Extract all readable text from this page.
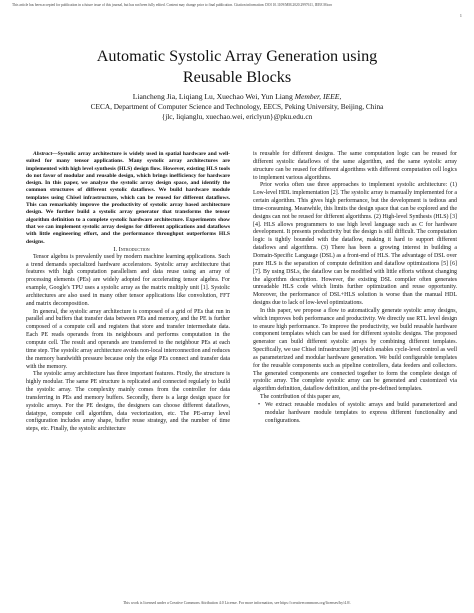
This article has been accepted for publication in a future issue of this journal, but has not been fully edited. Content may change prior to final publication. Citation information: DOI 10.1109/MM.2020.2997611, IEEE Micro
1
Automatic Systolic Array Generation using
Reusable Blocks
Liancheng Jia, Liqiang Lu, Xuechao Wei, Yun Liang Member, IEEE,
CECA, Department of Computer Science and Technology, EECS, Peking University, Beijing, China
{jlc, liqianglu, xuechao.wei, ericlyun}@pku.edu.cn

Abstract—Systolic array architecture is widely used in spatial hardware and well-suited for many tensor applications. Many systolic array architectures are implemented with high level synthesis (HLS) design flow. However, existing HLS tools do not favor of modular and reusable design, which brings inefficiency for hardware design. In this paper, we analyze the systolic array design space, and identify the common structures of different systolic dataflows. We build hardware module templates using Chisel infrastructure, which can be reused for different dataflows. This can remarkably improve the productivity of systolic array based architecture design. We further build a systolic array generator that transforms the tensor algorithm definition to a complete systolic hardware architecture. Experiments show that we can implement systolic array designs for different applications and dataflows with little engineering effort, and the performance throughput outperforms HLS designs.

I. Introduction

Tensor algebra is prevalently used by modern machine learning applications. Such a trend demands specialized hardware accelerators. Systolic array architecture that features with high computation parallelism and data reuse using an array of processing elements (PEs) are widely adopted for accelerating tensor algebra. For example, Google's TPU uses a systolic array as the matrix multiply unit [1]. Systolic architectures are also used in many other tensor applications like convolution, FFT and matrix decomposition.

In general, the systolic array architecture is composed of a grid of PEs that run in parallel and buffers that transfer data between PEs and memory, and the PE is further composed of a compute cell and registers that store and transfer intermediate data. Each PE reads operands from its neighbours and performs computation in the compute cell. The result and operands are transferred to the neighbour PEs at each time step. The systolic array architecture avoids non-local interconnection and reduces the memory bandwidth pressure because only the edge PEs connect and transfer data with the memory.

The systolic array architecture has three important features. Firstly, the structure is highly modular. The same PE structure is replicated and connected regularly to build the systolic array. The complexity mainly comes from the controller for data transferring in PEs and memory buffers. Secondly, there is a large design space for systolic arrays. For the PE designs, the designers can choose different dataflows, datatype, compute cell algorithm, data vectorization, etc. The PE-array level configuration includes array shape, buffer reuse strategy, and the number of time steps, etc. Finally, the systolic architecture

is reusable for different designs. The same computation logic can be reused for different systolic dataflows of the same algorithm, and the same systolic array structure can be reused for different algorithms with different computation cell logics to implement various algorithms.

Prior works often use three approaches to implement systolic architecture: (1) Low-level HDL implementation [2]. The systolic array is manually implemented for a certain algorithm. This gives high performance, but the development is tedious and time-consuming. Meanwhile, this limits the design space that can be explored and the designs can not be reused for different algorithms. (2) High-level Synthesis (HLS) [3] [4]. HLS allows programmers to use high level language such as C for hardware development. It presents productivity but the design is still difficult. The computation logic is tightly bounded with the dataflow, making it hard to support different dataflows and algorithms. (3) There has been a growing interest in building a Domain-Specific Language (DSL) as a front-end of HLS. The advantage of DSL over pure HLS is the separation of compute definition and dataflow optimizations [5] [6] [7]. By using DSLs, the dataflow can be modified with little efforts without changing the algorithm description. However, the existing DSL compiler often generates unreadable HLS code which limits further optimization and reuse opportunity. Moreover, the performance of DSL+HLS solution is worse than the manual HDL designs due to lack of low-level optimizations.

In this paper, we propose a flow to automatically generate systolic array designs, which improves both performance and productivity. We directly use RTL level design to ensure high performance. To improve the productivity, we build reusable hardware component templates which can be used for different systolic designs. The proposed generator can build different systolic arrays by combining different templates. Specifically, we use Chisel infrastructure [8] which enables cycle-level control as well as parameterized and modular hardware generation. We build configurable templates for the reusable components such as pipeline controllers, data feeders and collectors. The generated components are connected together to form the complete design of systolic array. The complete systolic array can be generated and customized via algorithm definition, dataflow definition, and the pre-defined templates.

The contribution of this paper are,

• We extract reusable modules of systolic arrays and build parameterized and modular hardware module templates to express different functionality and configurations.
This work is licensed under a Creative Commons Attribution 4.0 License. For more information, see https://creativecommons.org/licenses/by/4.0/.
